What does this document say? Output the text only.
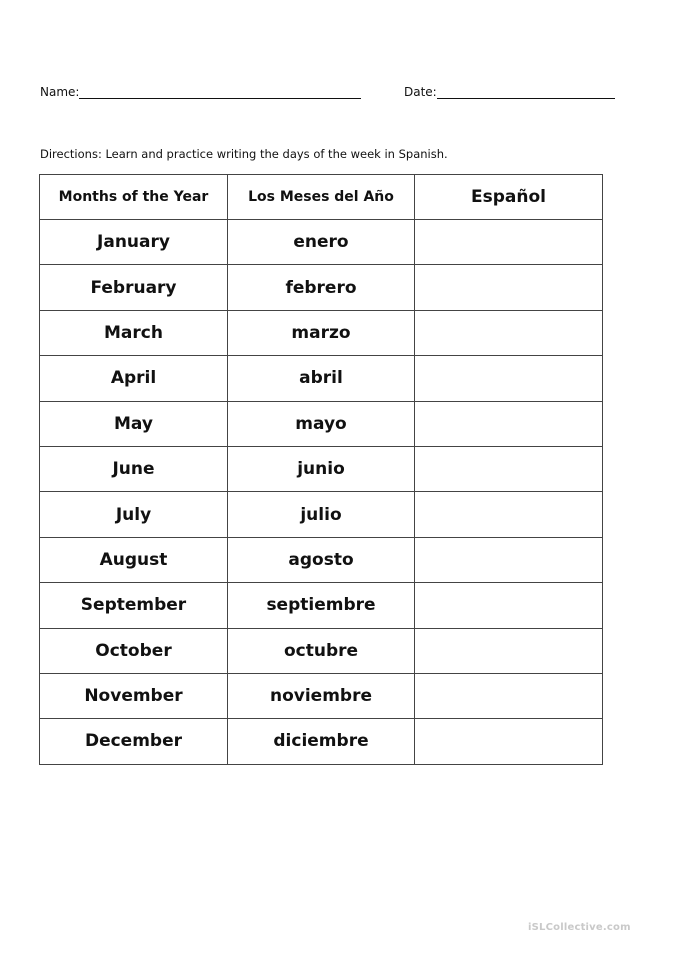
Name:	Date:
Directions: Learn and practice writing the days of the week in Spanish.
Months of the Year	Los Meses del Año	Español
January	enero	
February	febrero	
March	marzo	
April	abril	
May	mayo	
June	junio	
July	julio	
August	agosto	
September	septiembre	
October	octubre	
November	noviembre	
December	diciembre	
iSLCollective.com
